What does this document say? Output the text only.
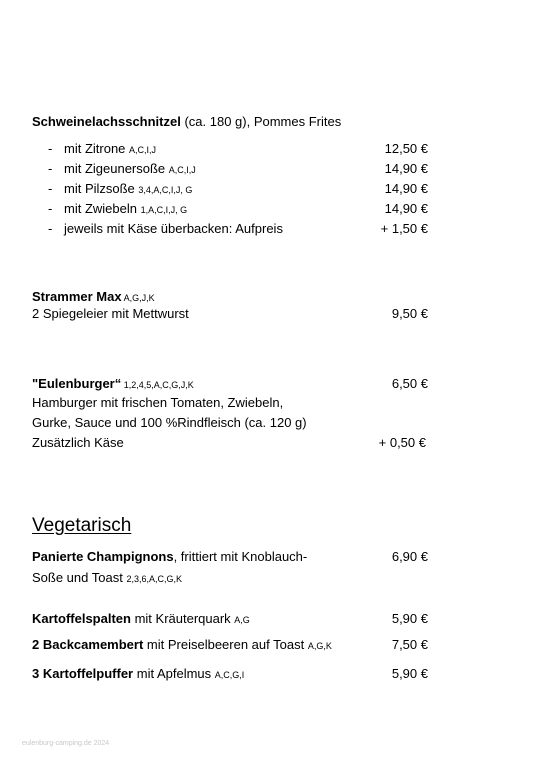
Schweinelachsschnitzel (ca. 180 g), Pommes Frites
- mit Zitrone A,C,I,J	12,50 €
- mit Zigeunersoße A,C,I,J	14,90 €
- mit Pilzsoße 3,4,A,C,I,J, G	14,90 €
- mit Zwiebeln 1,A,C,I,J, G	14,90 €
- jeweils mit Käse überbacken: Aufpreis	+ 1,50 €
Strammer Max A,G,J,K
2 Spiegeleier mit Mettwurst	9,50 €
"Eulenburger“ 1,2,4,5,A,C,G,J,K	6,50 €
Hamburger mit frischen Tomaten, Zwiebeln,
Gurke, Sauce und 100 %Rindfleisch (ca. 120 g)
Zusätzlich Käse	+ 0,50 €
Vegetarisch
Panierte Champignons, frittiert mit Knoblauch-	6,90 €
Soße und Toast 2,3,6,A,C,G,K
Kartoffelspalten mit Kräuterquark A,G	5,90 €
2 Backcamembert mit Preiselbeeren auf Toast A,G,K	7,50 €
3 Kartoffelpuffer mit Apfelmus A,C,G,I	5,90 €
eulenburg-camping.de 2024
